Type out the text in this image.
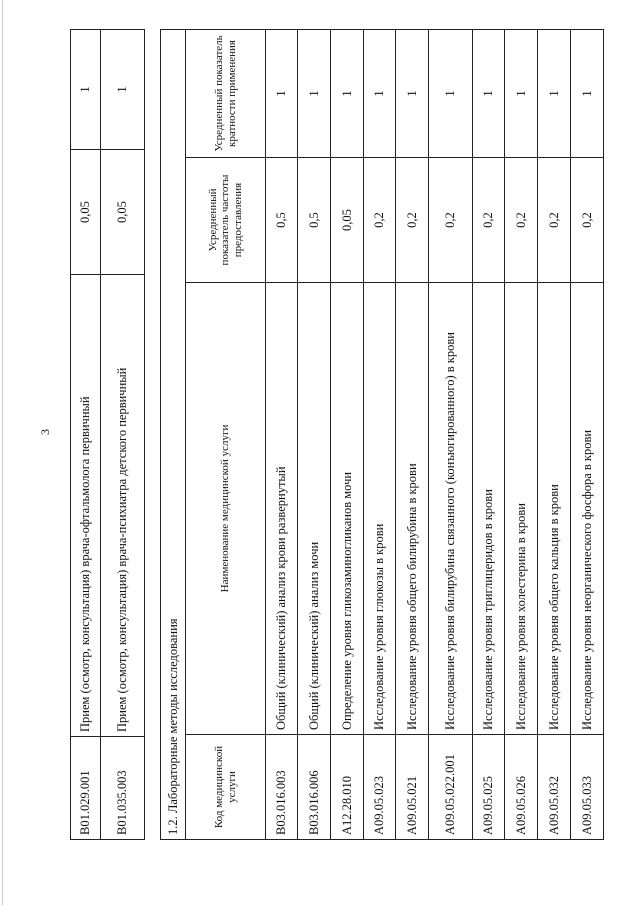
3
B01.029.001	Прием (осмотр, консультация) врача-офтальмолога первичный	0,05	1
B01.035.003	Прием (осмотр, консультация) врача-психиатра детского первичный	0,05	1
1.2. Лабораторные методы исследования			
Код медицинской услуги	Наименование медицинской услуги	Усредненный показатель частоты предоставления	Усредненный показатель кратности применения
B03.016.003	Общий (клинический) анализ крови развернутый	0,5	1
B03.016.006	Общий (клинический) анализ мочи	0,5	1
A12.28.010	Определение уровня гликозаминогликанов мочи	0,05	1
A09.05.023	Исследование уровня глюкозы в крови	0,2	1
A09.05.021	Исследование уровня общего билирубина в крови	0,2	1
A09.05.022.001	Исследование уровня билирубина связанного (конъюгированного) в крови	0,2	1
A09.05.025	Исследование уровня триглицеридов в крови	0,2	1
A09.05.026	Исследование уровня холестерина в крови	0,2	1
A09.05.032	Исследование уровня общего кальция в крови	0,2	1
A09.05.033	Исследование уровня неорганического фосфора в крови	0,2	1
